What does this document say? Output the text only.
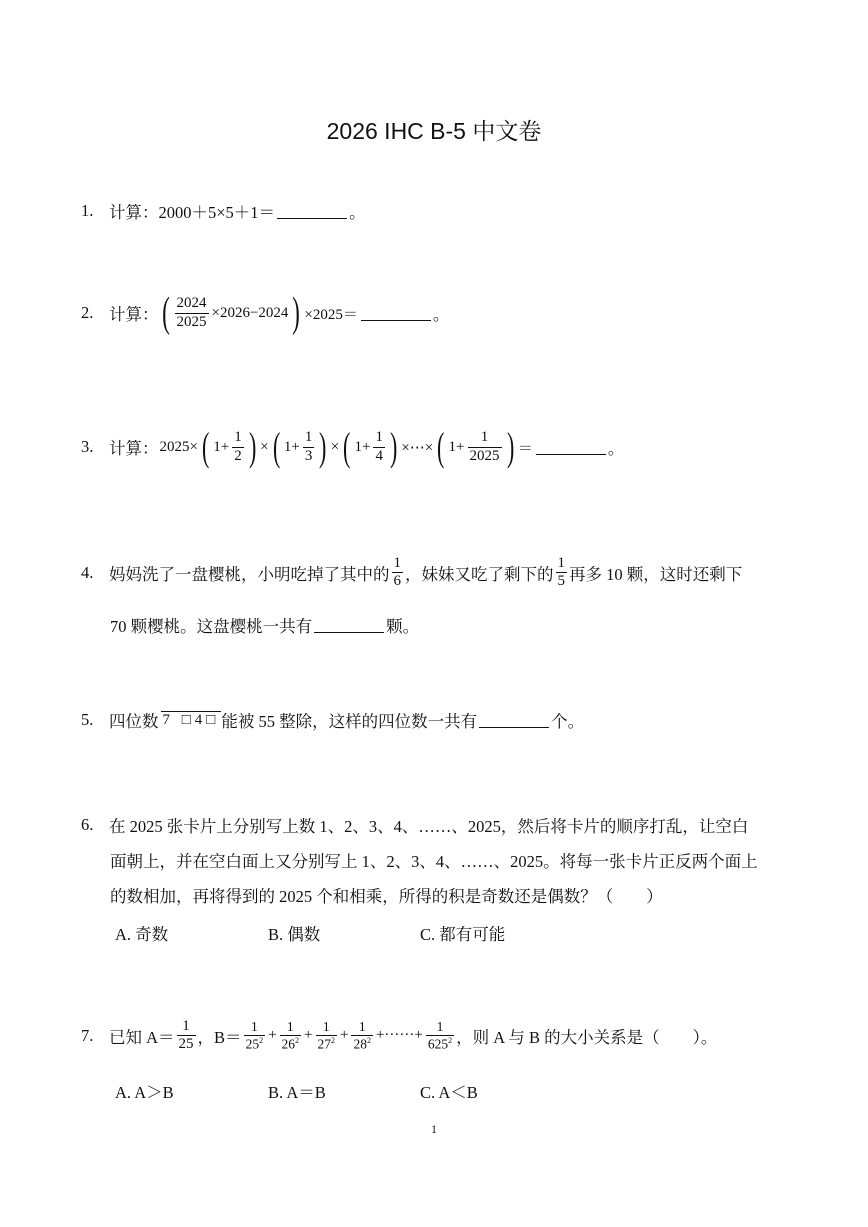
2026 IHC B-5 中文卷
1. 计算：2000＋5×5＋1＝	。
2. 计算： ( $\frac{2024}{2025} \times 2026-2024$ ) ×2025＝	。
3. 计算： 2025× ( $1+ \frac{1}{2}$ ) × ( $1+ \frac{1}{3}$ ) × ( $1+ \frac{1}{4}$ ) ×⋯× ( $1+ \frac{1}{2025}$ ) ＝	。
4. 妈妈洗了一盘樱桃，小明吃掉了其中的 $\frac{1}{6}$ ，妹妹又吃了剩下的 $\frac{1}{5}$ 再多 10 颗，这时还剩下
70 颗樱桃。这盘樱桃一共有	颗。
5. 四位数 7 □4□ 能被 55 整除，这样的四位数一共有	个。
6. 在 2025 张卡片上分别写上数 1、2、3、4、……、2025，然后将卡片的顺序打乱，让空白
面朝上，并在空白面上又分别写上 1、2、3、4、……、2025。将每一张卡片正反两个面上
的数相加，再将得到的 2025 个和相乘，所得的积是奇数还是偶数？（　　）
A. 奇数	B. 偶数	C. 都有可能
7. 已知 $A= \frac{1}{25}$ ，$B= \frac{1}{25^2} + \frac{1}{26^2} + \frac{1}{27^2} + \frac{1}{28^2}$ +······+ $\frac{1}{625^2}$ ，则 A 与 B 的大小关系是（　　）。
A. A＞B	B. A＝B	C. A＜B
1
